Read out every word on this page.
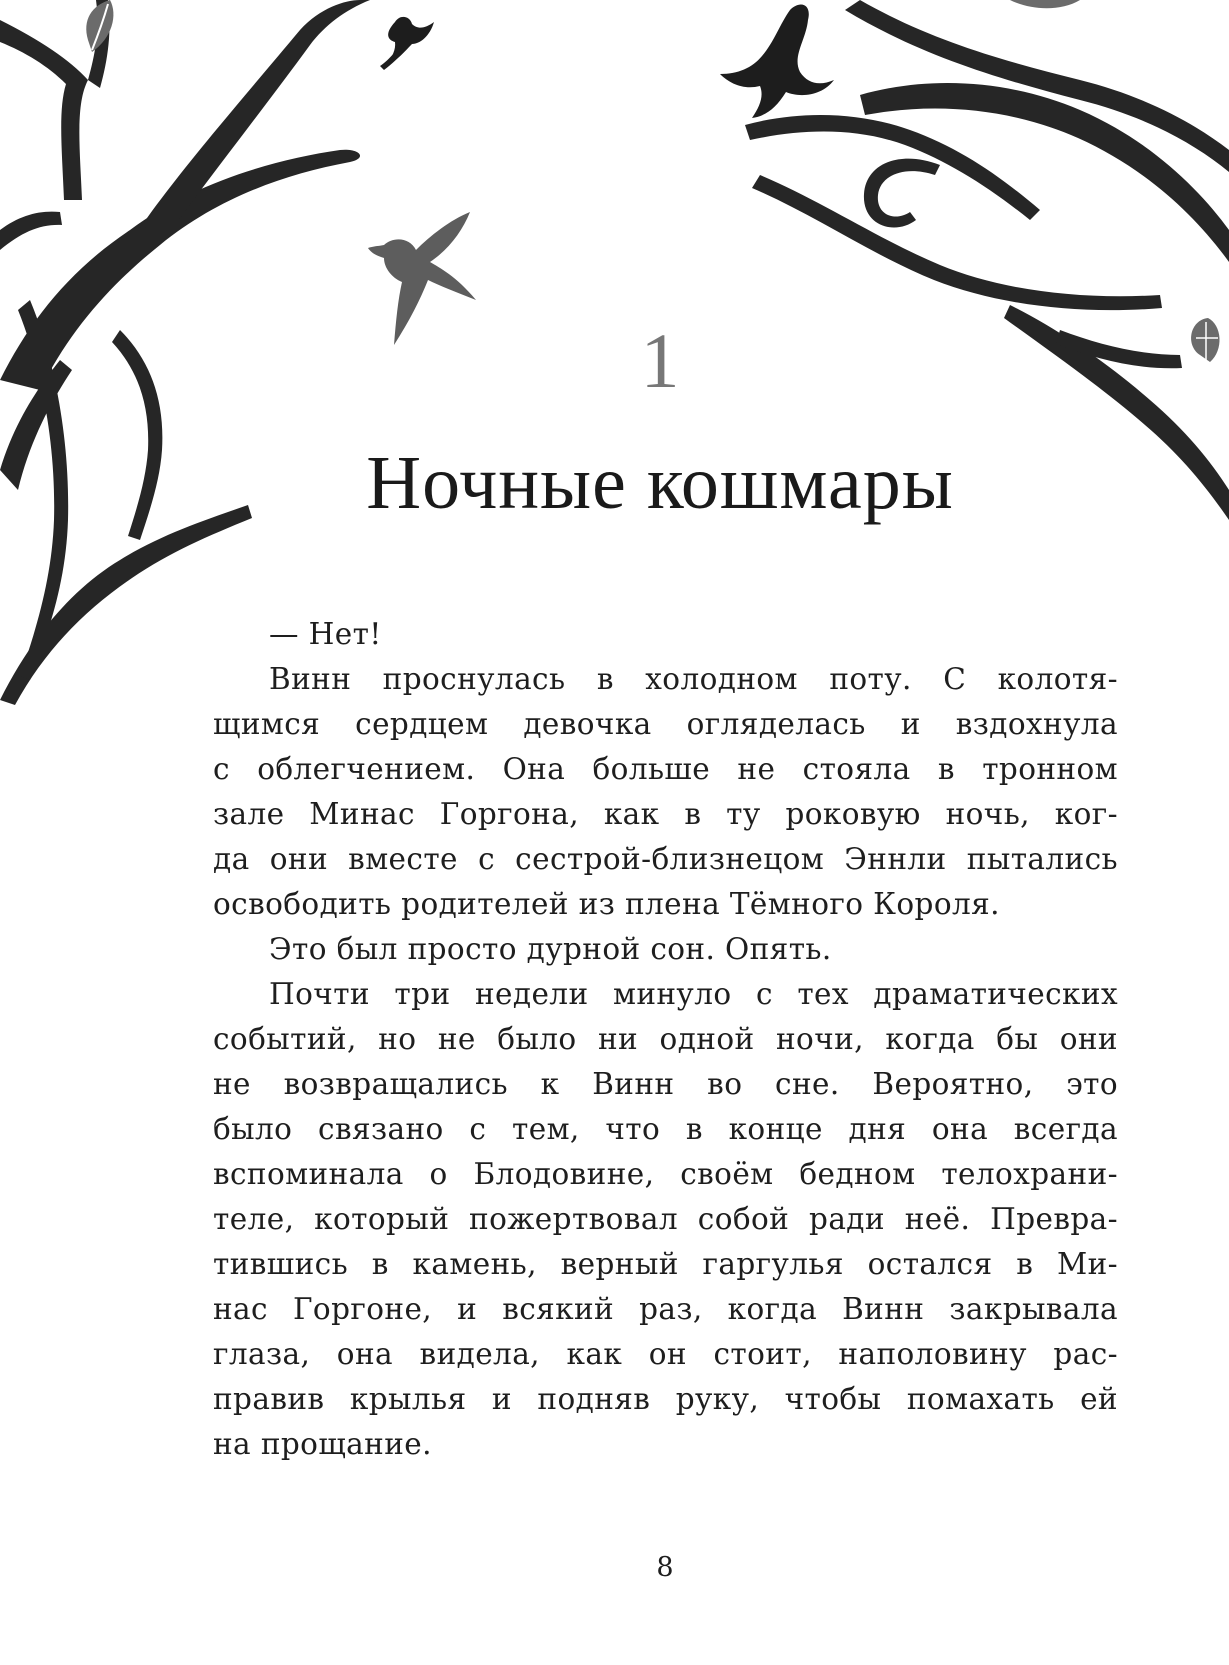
1
Ночные кошмары
— Нет!
Винн проснулась в холодном поту. С колотя-
щимся сердцем девочка огляделась и вздохнула
с облегчением. Она больше не стояла в тронном
зале Минас Горгона, как в ту роковую ночь, ког-
да они вместе с сестрой-близнецом Эннли пытались
освободить родителей из плена Тёмного Короля.
Это был просто дурной сон. Опять.
Почти три недели минуло с тех драматических
событий, но не было ни одной ночи, когда бы они
не возвращались к Винн во сне. Вероятно, это
было связано с тем, что в конце дня она всегда
вспоминала о Блодовине, своём бедном телохрани-
теле, который пожертвовал собой ради неё. Превра-
тившись в камень, верный гаргулья остался в Ми-
нас Горгоне, и всякий раз, когда Винн закрывала
глаза, она видела, как он стоит, наполовину рас-
правив крылья и подняв руку, чтобы помахать ей
на прощание.
8
